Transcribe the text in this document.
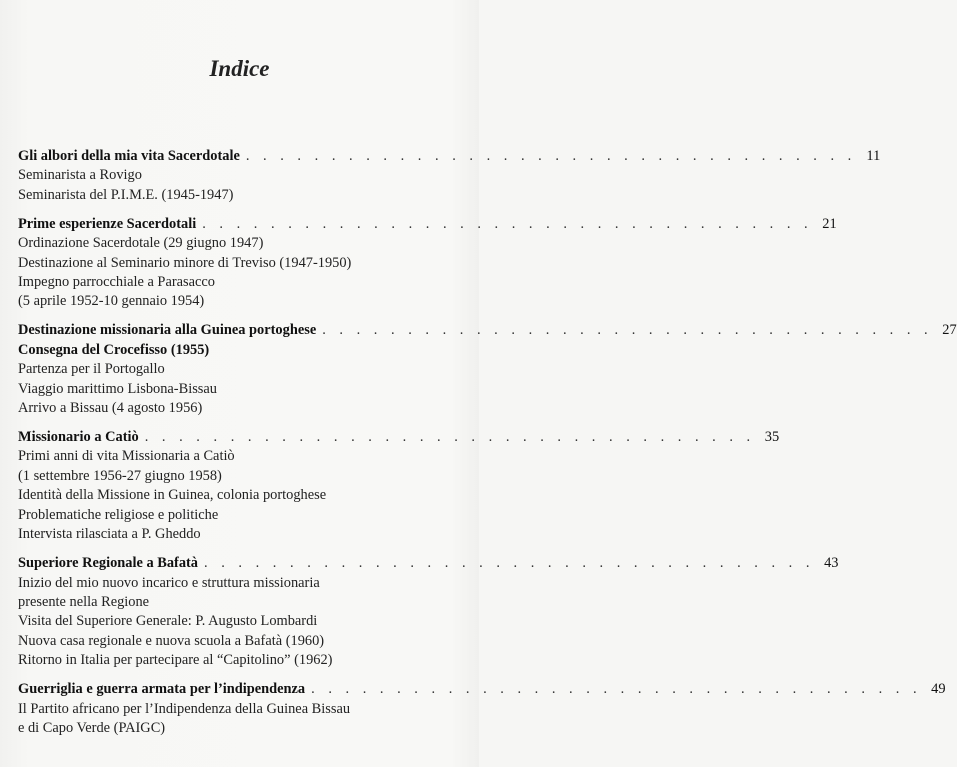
Indice
Gli albori della mia vita Sacerdotale . . . . . . . . . . . . . . . . . . . . . . . . . . . . . . . . . . . . 11
Seminarista a Rovigo
Seminarista del P.I.M.E. (1945-1947)
Prime esperienze Sacerdotali . . . . . . . . . . . . . . . . . . . . . . . . . . . . . . . . . . . . 21
Ordinazione Sacerdotale (29 giugno 1947)
Destinazione al Seminario minore di Treviso (1947-1950)
Impegno parrocchiale a Parasacco
(5 aprile 1952-10 gennaio 1954)
Destinazione missionaria alla Guinea portoghese . . . . . . . . . . . . . . . . . . . . . . . . . . . . . . . . . . . . 27
Consegna del Crocefisso (1955)
Partenza per il Portogallo
Viaggio marittimo Lisbona-Bissau
Arrivo a Bissau (4 agosto 1956)
Missionario a Catiò . . . . . . . . . . . . . . . . . . . . . . . . . . . . . . . . . . . . 35
Primi anni di vita Missionaria a Catiò
(1 settembre 1956-27 giugno 1958)
Identità della Missione in Guinea, colonia portoghese
Problematiche religiose e politiche
Intervista rilasciata a P. Gheddo
Superiore Regionale a Bafatà . . . . . . . . . . . . . . . . . . . . . . . . . . . . . . . . . . . . 43
Inizio del mio nuovo incarico e struttura missionaria
presente nella Regione
Visita del Superiore Generale: P. Augusto Lombardi
Nuova casa regionale e nuova scuola a Bafatà (1960)
Ritorno in Italia per partecipare al “Capitolino” (1962)
Guerriglia e guerra armata per l’indipendenza . . . . . . . . . . . . . . . . . . . . . . . . . . . . . . . . . . . . 49
Il Partito africano per l’Indipendenza della Guinea Bissau
e di Capo Verde (PAIGC)
